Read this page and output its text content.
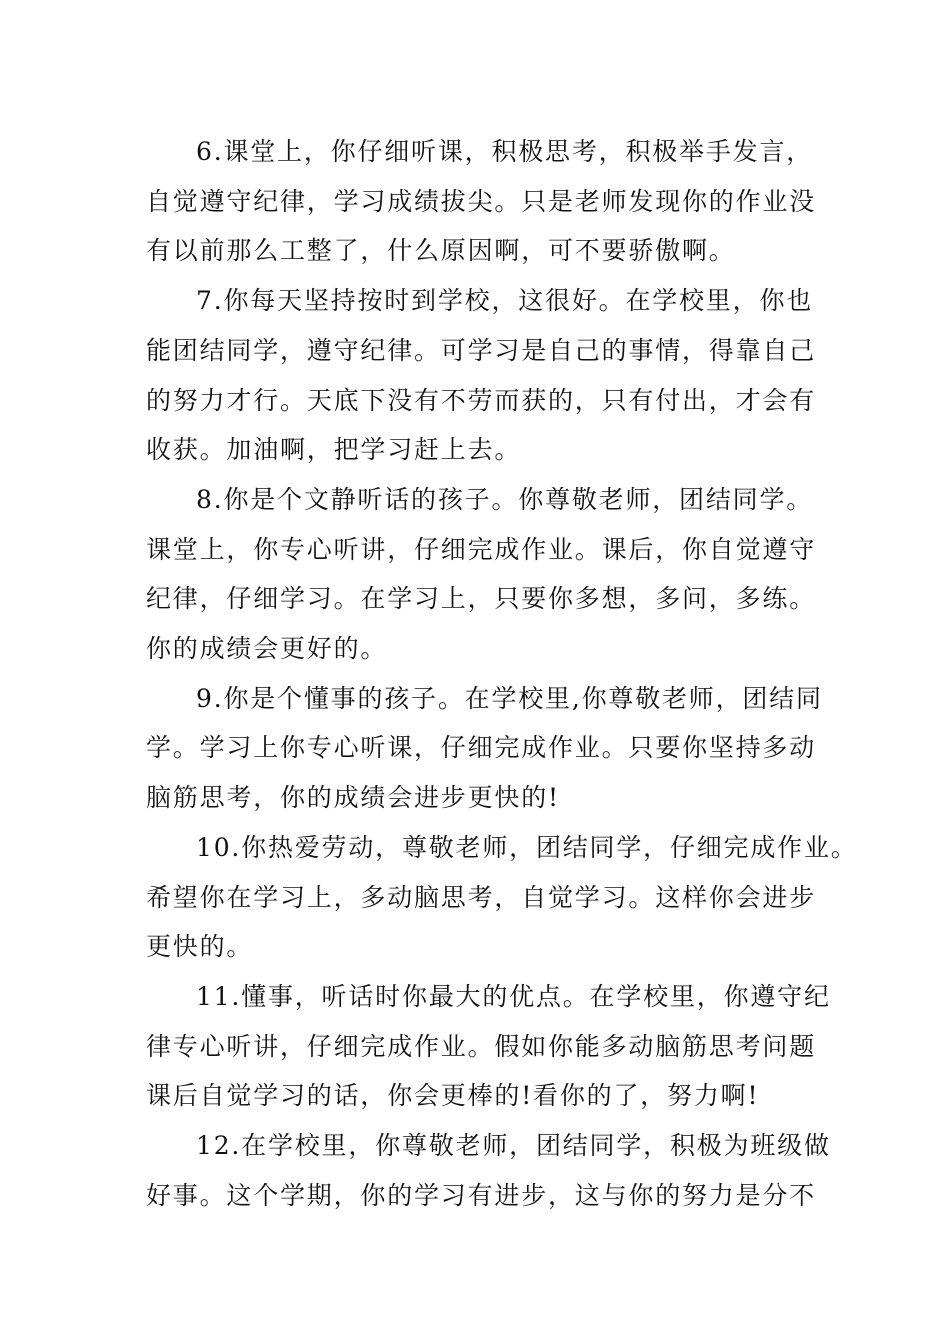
6.课堂上，你仔细听课，积极思考，积极举手发言，
自觉遵守纪律，学习成绩拔尖。只是老师发现你的作业没
有以前那么工整了，什么原因啊，可不要骄傲啊。

7.你每天坚持按时到学校，这很好。在学校里，你也
能团结同学，遵守纪律。可学习是自己的事情，得靠自己
的努力才行。天底下没有不劳而获的，只有付出，才会有
收获。加油啊，把学习赶上去。

8.你是个文静听话的孩子。你尊敬老师，团结同学。
课堂上，你专心听讲，仔细完成作业。课后，你自觉遵守
纪律，仔细学习。在学习上，只要你多想，多问，多练。
你的成绩会更好的。

9.你是个懂事的孩子。在学校里,你尊敬老师，团结同
学。学习上你专心听课，仔细完成作业。只要你坚持多动
脑筋思考，你的成绩会进步更快的!

10.你热爱劳动，尊敬老师，团结同学，仔细完成作业。
希望你在学习上，多动脑思考，自觉学习。这样你会进步
更快的。

11.懂事，听话时你最大的优点。在学校里，你遵守纪
律专心听讲，仔细完成作业。假如你能多动脑筋思考问题
课后自觉学习的话，你会更棒的!看你的了，努力啊!

12.在学校里，你尊敬老师，团结同学，积极为班级做
好事。这个学期，你的学习有进步，这与你的努力是分不
